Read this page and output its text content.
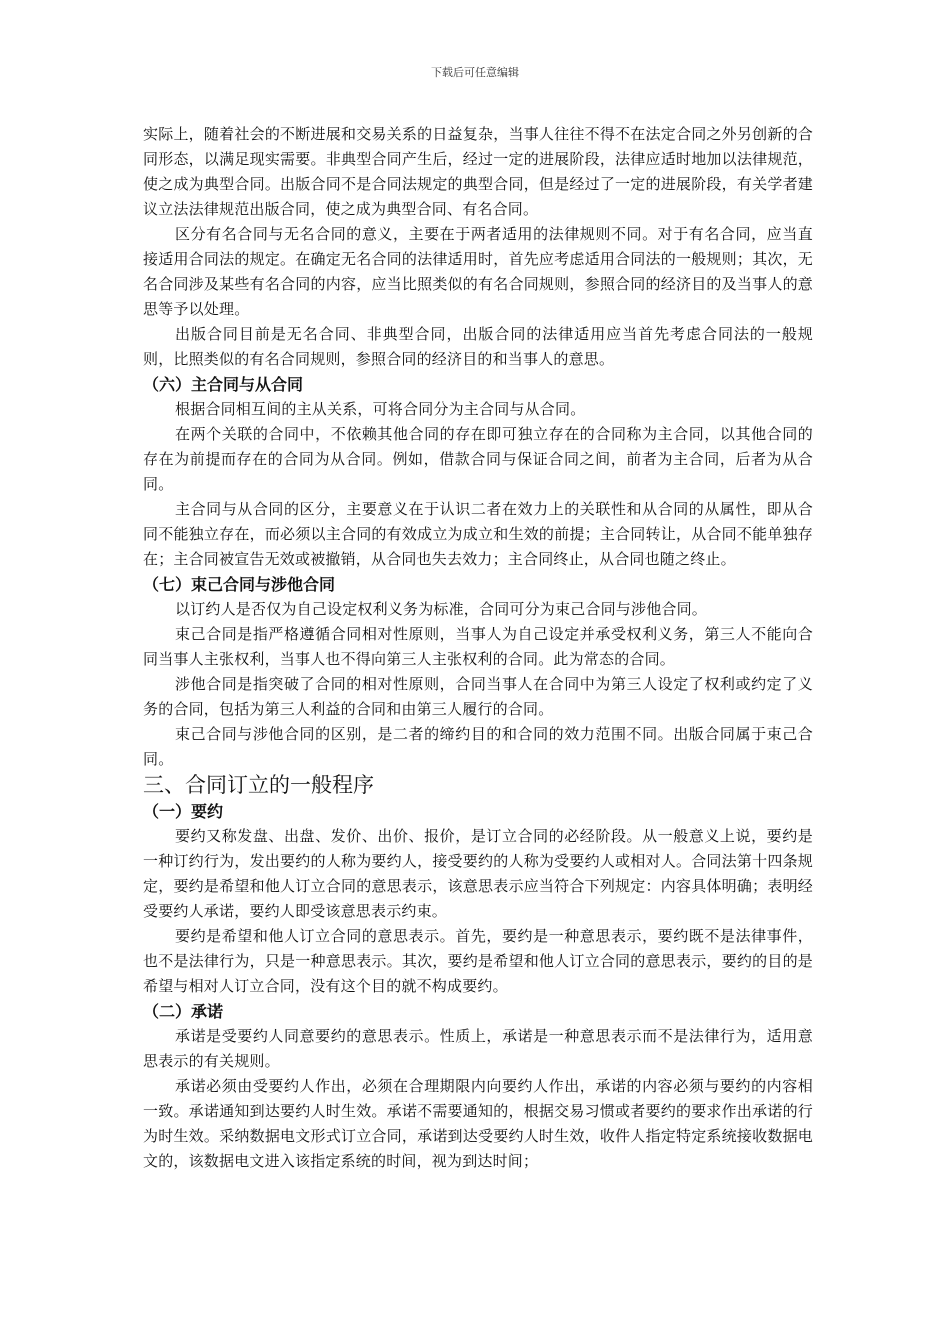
下载后可任意编辑

实际上，随着社会的不断进展和交易关系的日益复杂，当事人往往不得不在法定合同之外另创新的合同形态，以满足现实需要。非典型合同产生后，经过一定的进展阶段，法律应适时地加以法律规范，使之成为典型合同。出版合同不是合同法规定的典型合同，但是经过了一定的进展阶段，有关学者建议立法法律规范出版合同，使之成为典型合同、有名合同。

区分有名合同与无名合同的意义，主要在于两者适用的法律规则不同。对于有名合同，应当直接适用合同法的规定。在确定无名合同的法律适用时，首先应考虑适用合同法的一般规则；其次，无名合同涉及某些有名合同的内容，应当比照类似的有名合同规则，参照合同的经济目的及当事人的意思等予以处理。

出版合同目前是无名合同、非典型合同，出版合同的法律适用应当首先考虑合同法的一般规则，比照类似的有名合同规则，参照合同的经济目的和当事人的意思。

（六）主合同与从合同

根据合同相互间的主从关系，可将合同分为主合同与从合同。

在两个关联的合同中，不依赖其他合同的存在即可独立存在的合同称为主合同，以其他合同的存在为前提而存在的合同为从合同。例如，借款合同与保证合同之间，前者为主合同，后者为从合同。

主合同与从合同的区分，主要意义在于认识二者在效力上的关联性和从合同的从属性，即从合同不能独立存在，而必须以主合同的有效成立为成立和生效的前提；主合同转让，从合同不能单独存在；主合同被宣告无效或被撤销，从合同也失去效力；主合同终止，从合同也随之终止。

（七）束己合同与涉他合同

以订约人是否仅为自己设定权利义务为标准，合同可分为束己合同与涉他合同。

束己合同是指严格遵循合同相对性原则，当事人为自己设定并承受权利义务，第三人不能向合同当事人主张权利，当事人也不得向第三人主张权利的合同。此为常态的合同。

涉他合同是指突破了合同的相对性原则，合同当事人在合同中为第三人设定了权利或约定了义务的合同，包括为第三人利益的合同和由第三人履行的合同。

束己合同与涉他合同的区别，是二者的缔约目的和合同的效力范围不同。出版合同属于束己合同。

三、合同订立的一般程序

（一）要约

要约又称发盘、出盘、发价、出价、报价，是订立合同的必经阶段。从一般意义上说，要约是一种订约行为，发出要约的人称为要约人，接受要约的人称为受要约人或相对人。合同法第十四条规定，要约是希望和他人订立合同的意思表示，该意思表示应当符合下列规定：内容具体明确；表明经受要约人承诺，要约人即受该意思表示约束。

要约是希望和他人订立合同的意思表示。首先，要约是一种意思表示，要约既不是法律事件，也不是法律行为，只是一种意思表示。其次，要约是希望和他人订立合同的意思表示，要约的目的是希望与相对人订立合同，没有这个目的就不构成要约。

（二）承诺

承诺是受要约人同意要约的意思表示。性质上，承诺是一种意思表示而不是法律行为，适用意思表示的有关规则。

承诺必须由受要约人作出，必须在合理期限内向要约人作出，承诺的内容必须与要约的内容相一致。承诺通知到达要约人时生效。承诺不需要通知的，根据交易习惯或者要约的要求作出承诺的行为时生效。采纳数据电文形式订立合同，承诺到达受要约人时生效，收件人指定特定系统接收数据电文的，该数据电文进入该指定系统的时间，视为到达时间；
